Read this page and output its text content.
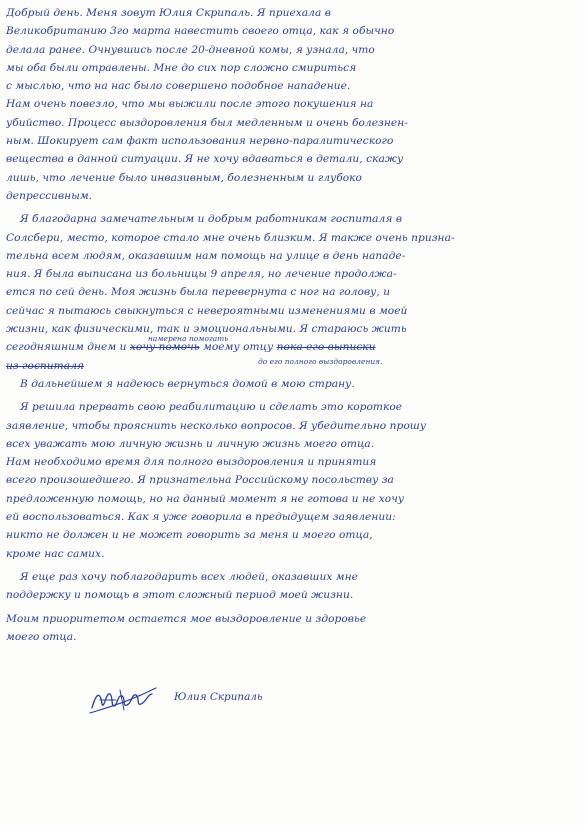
Добрый день. Меня зовут Юлия Скрипаль. Я приехала в
Великобританию 3го марта навестить своего отца, как я обычно
делала ранее. Очнувшись после 20-дневной комы, я узнала, что
мы оба были отравлены. Мне до сих пор сложно смириться
с мыслью, что на нас было совершено подобное нападение.
Нам очень повезло, что мы выжили после этого покушения на
убийство. Процесс выздоровления был медленным и очень болезнен-
ным. Шокирует сам факт использования нервно-паралитического
вещества в данной ситуации. Я не хочу вдаваться в детали, скажу
лишь, что лечение было инвазивным, болезненным и глубоко
депрессивным.
Я благодарна замечательным и добрым работникам госпиталя в
Солсбери, место, которое стало мне очень близким. Я также очень призна-
тельна всем людям, оказавшим нам помощь на улице в день нападе-
ния. Я была выписана из больницы 9 апреля, но лечение продолжа-
ется по сей день. Моя жизнь была перевернута с ног на голову, и
сейчас я пытаюсь свыкнуться с невероятными изменениями в моей
жизни, как физическими, так и эмоциональными. Я стараюсь жить
сегодняшним днем и
намерена помогать
хочу помочь моему отцу пока его выписки
из госпиталя	до его полного выздоровления.
В дальнейшем я надеюсь вернуться домой в мою страну.
Я решила прервать свою реабилитацию и сделать это короткое
заявление, чтобы прояснить несколько вопросов. Я убедительно прошу
всех уважать мою личную жизнь и личную жизнь моего отца.
Нам необходимо время для полного выздоровления и принятия
всего произошедшего. Я признательна Российскому посольству за
предложенную помощь, но на данный момент я не готова и не хочу
ей воспользоваться. Как я уже говорила в предыдущем заявлении:
никто не должен и не может говорить за меня и моего отца,
кроме нас самих.
Я еще раз хочу поблагодарить всех людей, оказавших мне
поддержку и помощь в этот сложный период моей жизни.
Моим приоритетом остается мое выздоровление и здоровье
моего отца.
Юлия Скрипаль
